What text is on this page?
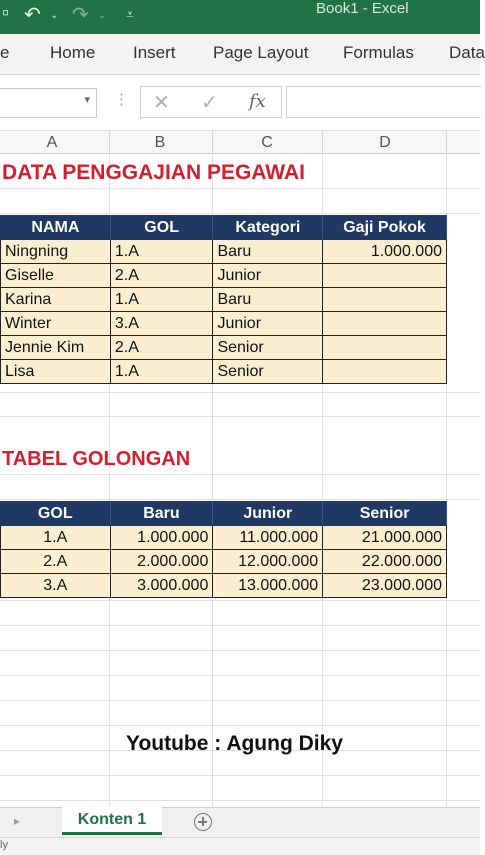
▫ ↶ ⌄ ↷ ⌄ ⩡	Book1 - Excel
e Home Insert Page Layout Formulas Data
▾ ⋮ ✕ ✓ fx
A	B	C	D
DATA PENGGAJIAN PEGAWAI
NAMA	GOL	Kategori	Gaji Pokok
Ningning	1.A	Baru	1.000.000
Giselle	2.A	Junior	
Karina	1.A	Baru	
Winter	3.A	Junior	
Jennie Kim	2.A	Senior	
Lisa	1.A	Senior	
TABEL GOLONGAN
GOL	Baru	Junior	Senior
1.A	1.000.000	11.000.000	21.000.000
2.A	2.000.000	12.000.000	22.000.000
3.A	3.000.000	13.000.000	23.000.000
Youtube : Agung Diky
▸	Konten 1
ly
